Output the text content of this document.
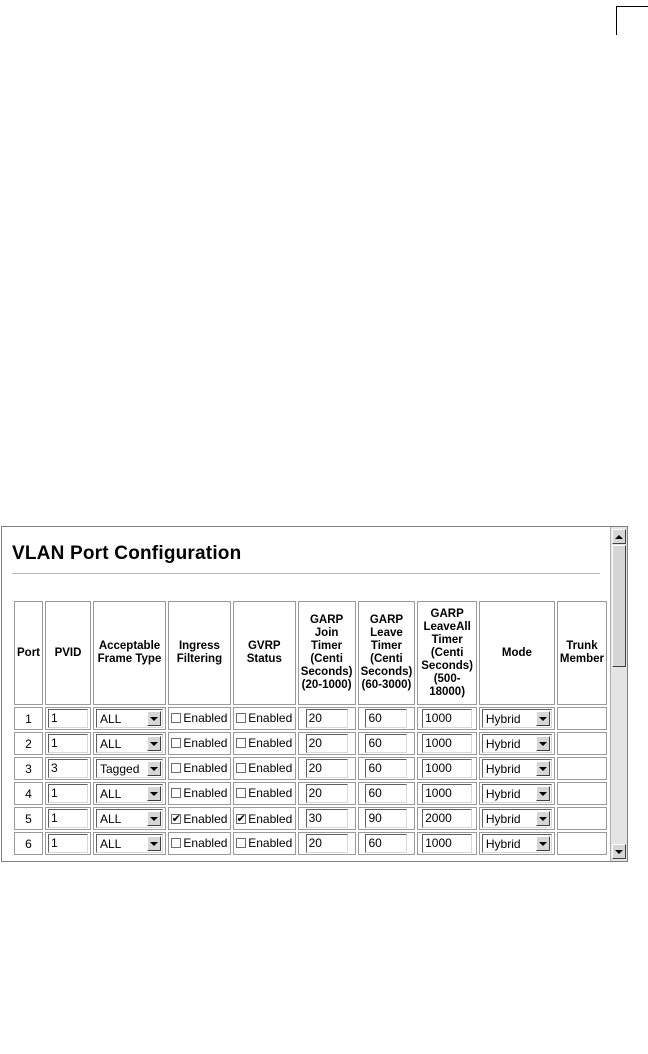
VLAN Port Configuration
Port	PVID	Acceptable Frame Type	Ingress Filtering	GVRP Status	GARP Join Timer (Centi Seconds) (20-1000)	GARP Leave Timer (Centi Seconds) (60-3000)	GARP LeaveAll Timer (Centi Seconds) (500-18000)	Mode	Trunk Member
1	1	ALL	Enabled	Enabled	20	60	1000	Hybrid	

2	1	ALL	Enabled	Enabled	20	60	1000	Hybrid	

3	3	Tagged	Enabled	Enabled	20	60	1000	Hybrid	

4	1	ALL	Enabled	Enabled	20	60	1000	Hybrid	

5	1	ALL	✔ Enabled	✔ Enabled	30	90	2000	Hybrid	

6	1	ALL	Enabled	Enabled	20	60	1000	Hybrid	
